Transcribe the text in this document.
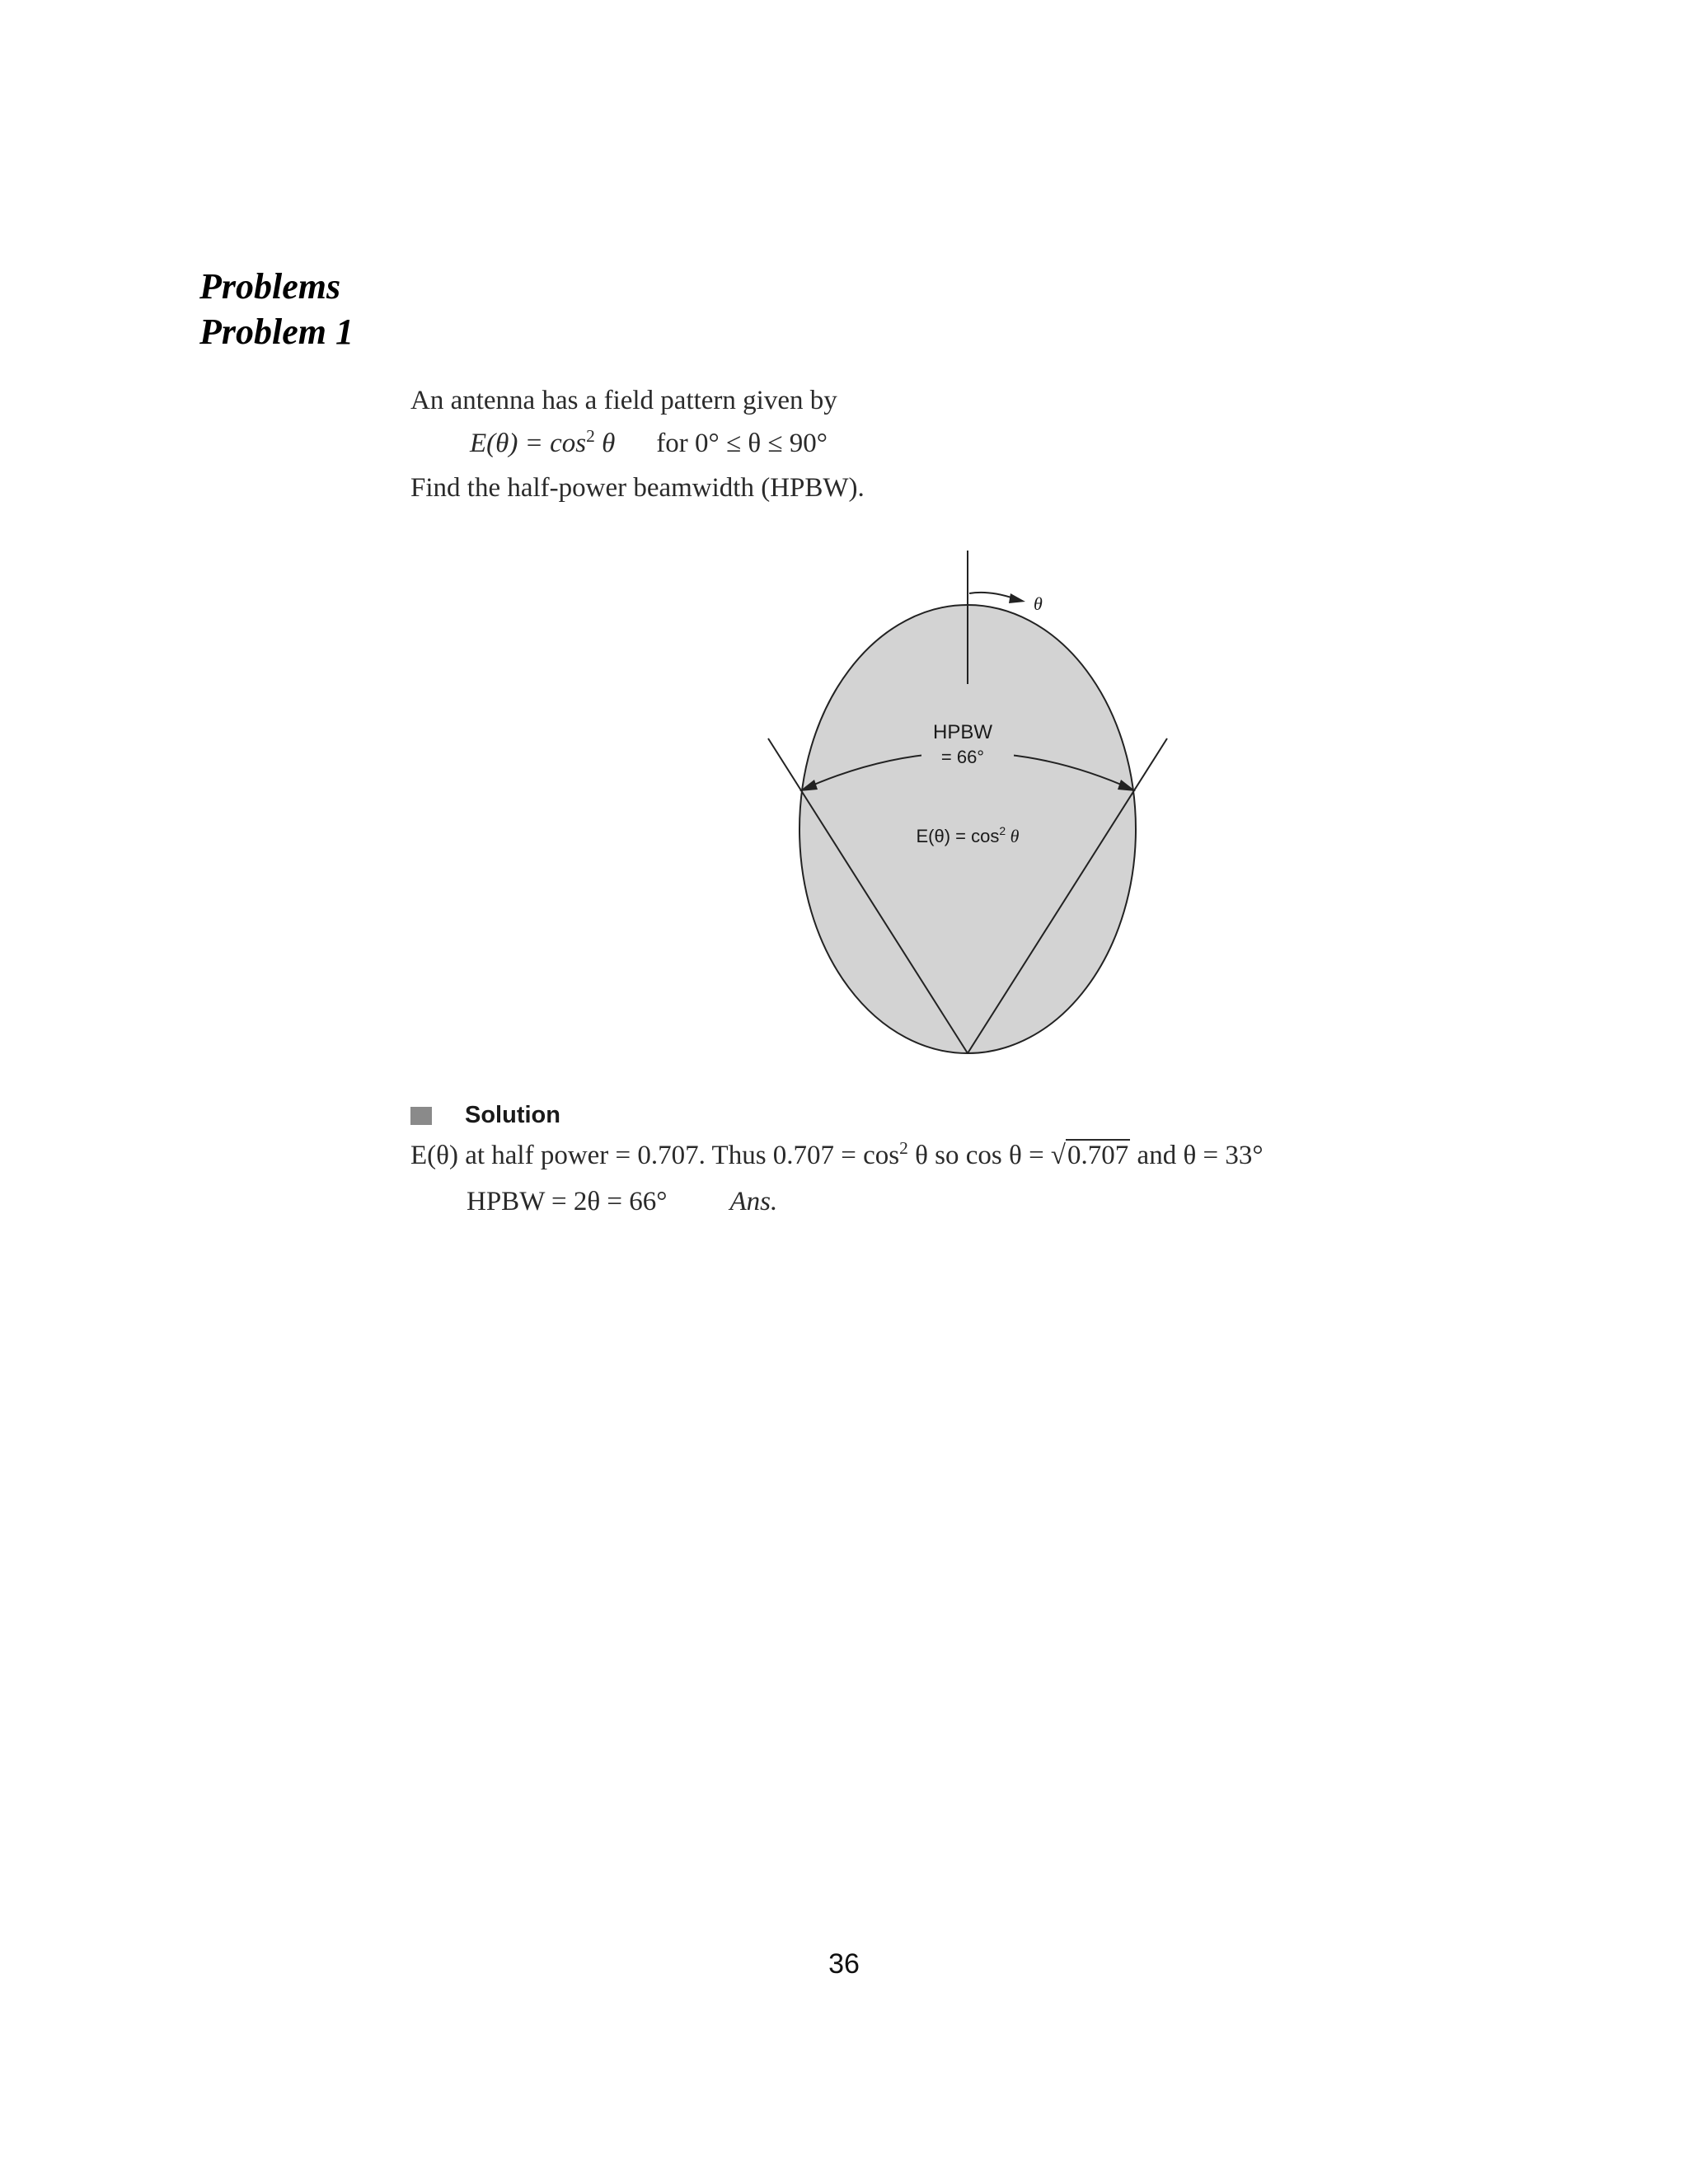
Problems
Problem 1
An antenna has a field pattern given by
$E(\theta) = \cos^2 \theta$ for 0° ≤ θ ≤ 90°
Find the half-power beamwidth (HPBW).
θ
HPBW
= 66°
$E(\theta) = \cos^2 \theta$
Solution
E(θ) at half power = 0.707. Thus $0.707 = \cos^2 \theta$ so cos θ = √0.707 and θ = 33°
HPBW = 2θ = 66° Ans.
36
